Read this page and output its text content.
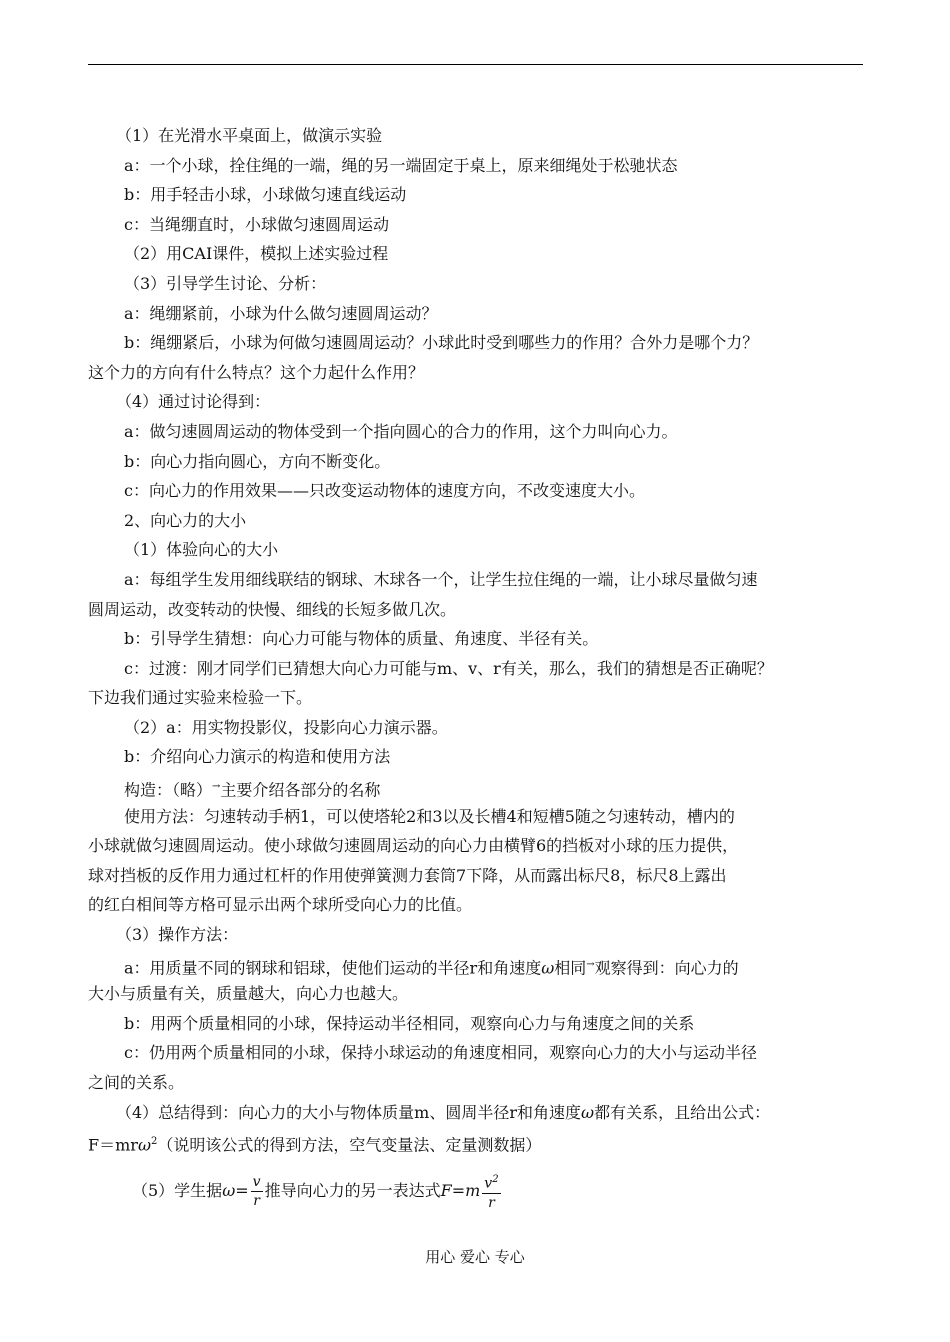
（1）在光滑水平桌面上，做演示实验
a：一个小球，拴住绳的一端，绳的另一端固定于桌上，原来细绳处于松驰状态
b：用手轻击小球，小球做匀速直线运动
c：当绳绷直时，小球做匀速圆周运动
（2）用CAI课件，模拟上述实验过程
（3）引导学生讨论、分析：
a：绳绷紧前，小球为什么做匀速圆周运动？
b：绳绷紧后，小球为何做匀速圆周运动？小球此时受到哪些力的作用？合外力是哪个力？
这个力的方向有什么特点？这个力起什么作用？
（4）通过讨论得到：
a：做匀速圆周运动的物体受到一个指向圆心的合力的作用，这个力叫向心力。
b：向心力指向圆心，方向不断变化。
c：向心力的作用效果——只改变运动物体的速度方向，不改变速度大小。
2、向心力的大小
（1）体验向心的大小
a：每组学生发用细线联结的钢球、木球各一个，让学生拉住绳的一端，让小球尽量做匀速
圆周运动，改变转动的快慢、细线的长短多做几次。
b：引导学生猜想：向心力可能与物体的质量、角速度、半径有关。
c：过渡：刚才同学们已猜想大向心力可能与m、v、r有关，那么，我们的猜想是否正确呢？
下边我们通过实验来检验一下。
（2）a：用实物投影仪，投影向心力演示器。
b：介绍向心力演示的构造和使用方法
构造：（略）→主要介绍各部分的名称
使用方法：匀速转动手柄1，可以使塔轮2和3以及长槽4和短槽5随之匀速转动，槽内的
小球就做匀速圆周运动。使小球做匀速圆周运动的向心力由横臂6的挡板对小球的压力提供，
球对挡板的反作用力通过杠杆的作用使弹簧测力套筒7下降，从而露出标尺8，标尺8上露出
的红白相间等方格可显示出两个球所受向心力的比值。
（3）操作方法：
a：用质量不同的钢球和铝球，使他们运动的半径r和角速度ω相同→观察得到：向心力的
大小与质量有关，质量越大，向心力也越大。
b：用两个质量相同的小球，保持运动半径相同，观察向心力与角速度之间的关系
c：仍用两个质量相同的小球，保持小球运动的角速度相同，观察向心力的大小与运动半径
之间的关系。
（4）总结得到：向心力的大小与物体质量m、圆周半径r和角速度ω都有关系，且给出公式：
F＝mrω$^2$（说明该公式的得到方法，空气变量法、定量测数据）
（5）学生据$\omega= \frac{v}{r}$ 推导向心力的另一表达式$F=m \frac{v^2}{r}$
用心 爱心 专心
